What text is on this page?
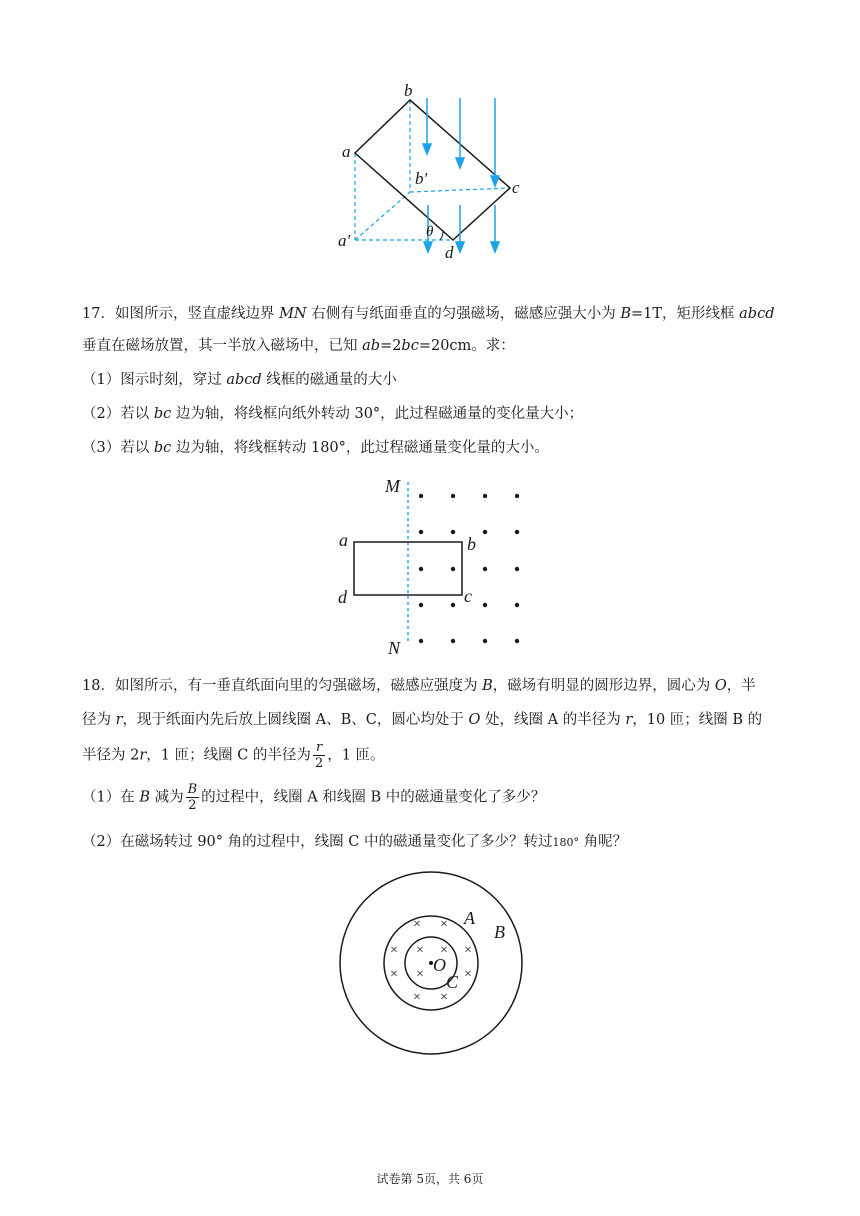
b
a
c
d
b′
a′	θ
17．如图所示，竖直虚线边界 MN 右侧有与纸面垂直的匀强磁场，磁感应强大小为 B=1T，矩形线框 abcd
垂直在磁场放置，其一半放入磁场中，已知 ab=2bc=20cm。求：
（1）图示时刻，穿过 abcd 线框的磁通量的大小
（2）若以 bc 边为轴，将线框向纸外转动 30°，此过程磁通量的变化量大小；
（3）若以 bc 边为轴，将线框转动 180°，此过程磁通量变化量的大小。
M
N
a	b
c
d
18．如图所示，有一垂直纸面向里的匀强磁场，磁感应强度为 B，磁场有明显的圆形边界，圆心为 O，半
径为 r，现于纸面内先后放上圆线圈 A、B、C，圆心均处于 O 处，线圈 A 的半径为 r，10 匝；线圈 B 的
半径为 2r，1 匝；线圈 C 的半径为 $\frac{r}{2}$ ，1 匝。
（1）在 B 减为 $\frac{B}{2}$ 的过程中，线圈 A 和线圈 B 中的磁通量变化了多少？
（2）在磁场转过 90° 角的过程中，线圈 C 中的磁通量变化了多少？转过180° 角呢？
× ×
× × × ×
× ×	×
× ×
A
B
O
C
试卷第 5页，共 6页
